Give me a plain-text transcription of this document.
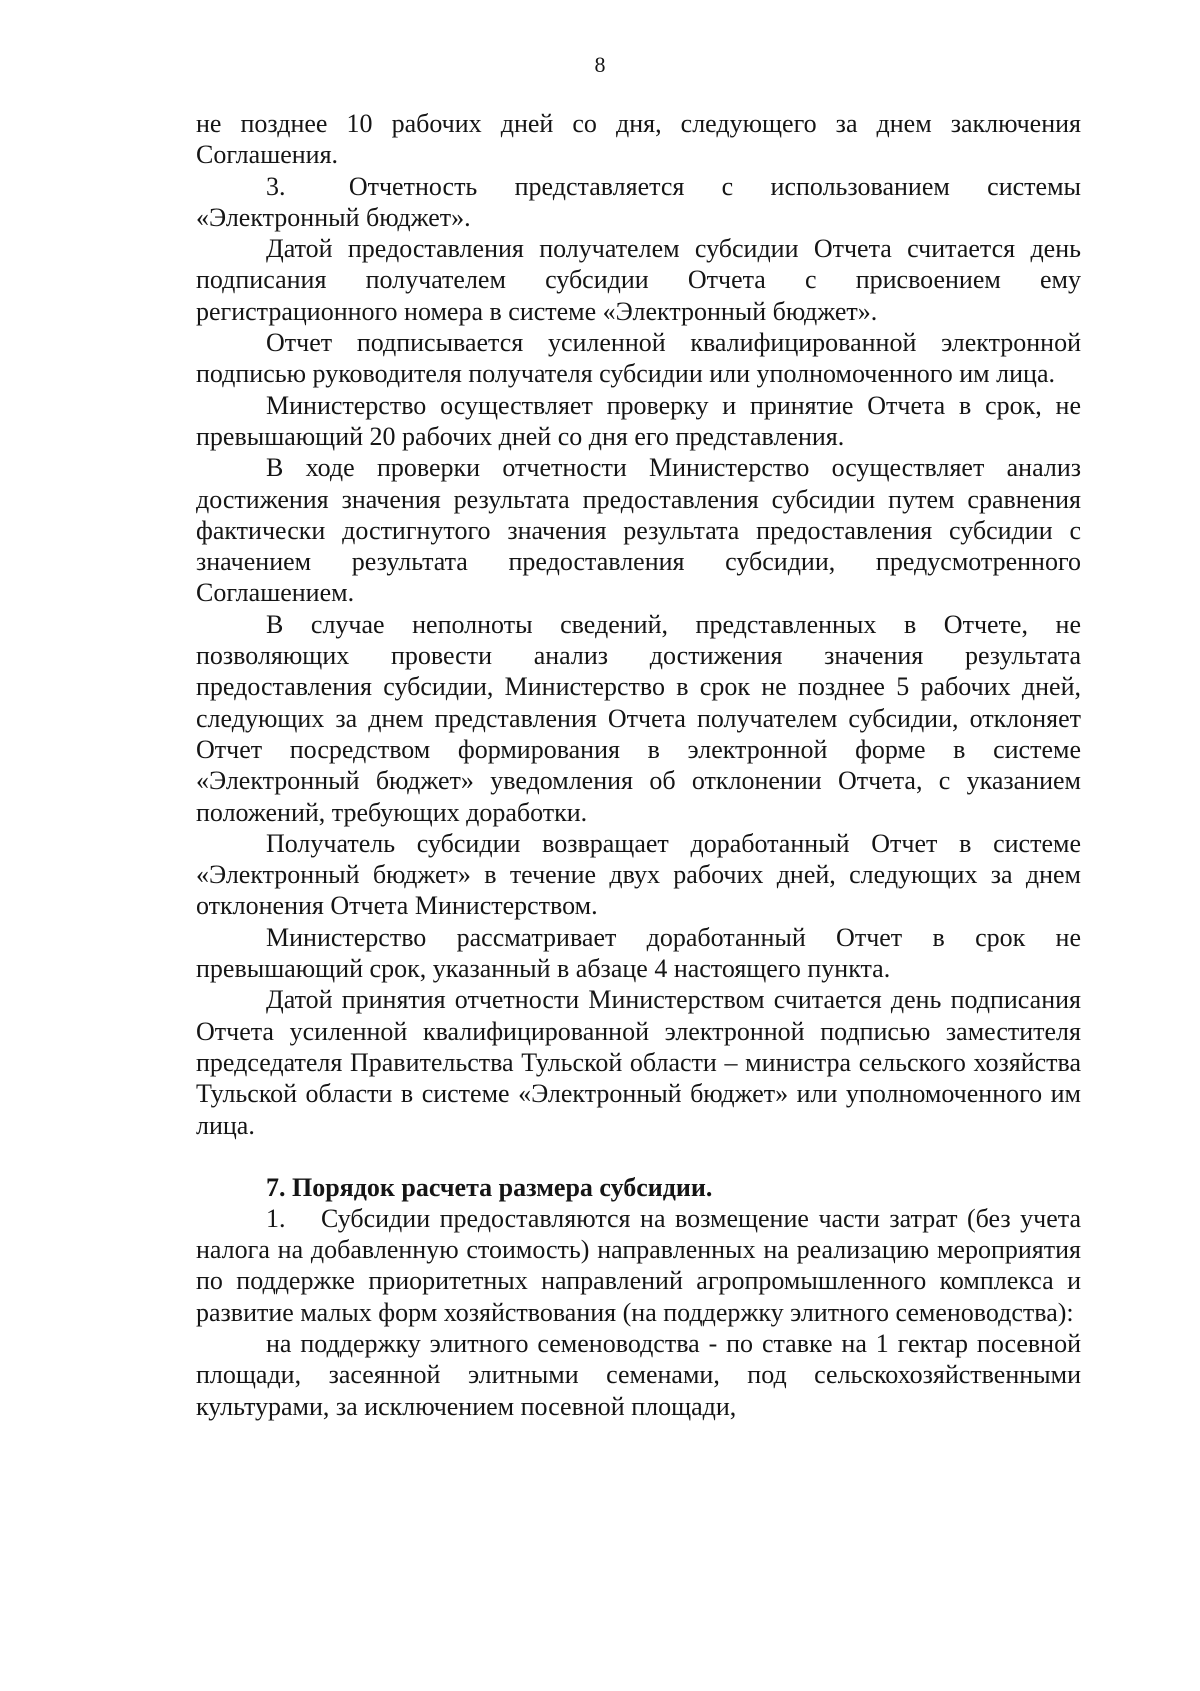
8

не позднее 10 рабочих дней со дня, следующего за днем заключения Соглашения.

3.  Отчетность представляется с использованием системы «Электронный бюджет».

Датой предоставления получателем субсидии Отчета считается день подписания получателем субсидии Отчета с присвоением ему регистрационного номера в системе «Электронный бюджет».

Отчет подписывается усиленной квалифицированной электронной подписью руководителя получателя субсидии или уполномоченного им лица.

Министерство осуществляет проверку и принятие Отчета в срок, не превышающий 20 рабочих дней со дня его представления.

В ходе проверки отчетности Министерство осуществляет анализ достижения значения результата предоставления субсидии путем сравнения фактически достигнутого значения результата предоставления субсидии с значением результата предоставления субсидии, предусмотренного Соглашением.

В случае неполноты сведений, представленных в Отчете, не позволяющих провести анализ достижения значения результата предоставления субсидии, Министерство в срок не позднее 5 рабочих дней, следующих за днем представления Отчета получателем субсидии, отклоняет Отчет посредством формирования в электронной форме в системе «Электронный бюджет» уведомления об отклонении Отчета, с указанием положений, требующих доработки.

Получатель субсидии возвращает доработанный Отчет в системе «Электронный бюджет» в течение двух рабочих дней, следующих за днем отклонения Отчета Министерством.

Министерство рассматривает доработанный Отчет в срок не превышающий срок, указанный в абзаце 4 настоящего пункта.

Датой принятия отчетности Министерством считается день подписания Отчета усиленной квалифицированной электронной подписью заместителя председателя Правительства Тульской области – министра сельского хозяйства Тульской области в системе «Электронный бюджет» или уполномоченного им лица.

7. Порядок расчета размера субсидии.

1.  Субсидии предоставляются на возмещение части затрат (без учета налога на добавленную стоимость) направленных на реализацию мероприятия по поддержке приоритетных направлений агропромышленного комплекса и развитие малых форм хозяйствования (на поддержку элитного семеноводства):

на поддержку элитного семеноводства - по ставке на 1 гектар посевной площади, засеянной элитными семенами, под сельскохозяйственными культурами, за исключением посевной площади,
